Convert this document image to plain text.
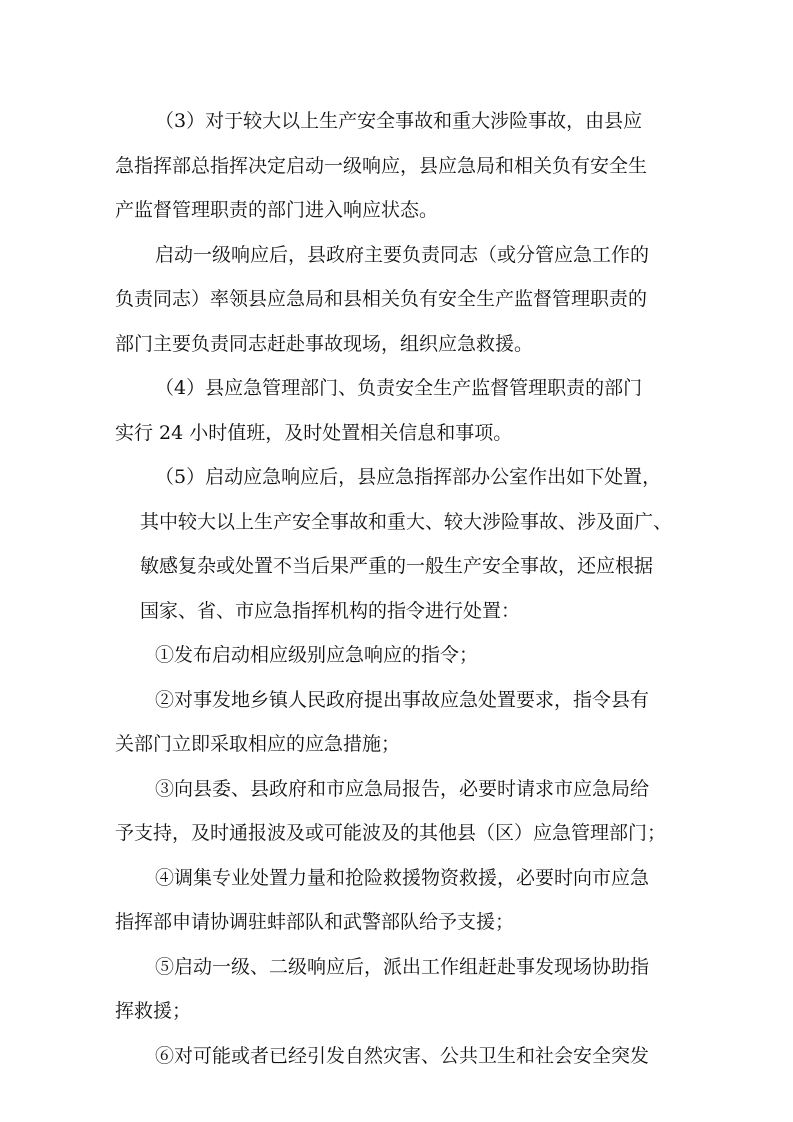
（3）对于较大以上生产安全事故和重大涉险事故，由县应

急指挥部总指挥决定启动一级响应，县应急局和相关负有安全生

产监督管理职责的部门进入响应状态。

启动一级响应后，县政府主要负责同志（或分管应急工作的

负责同志）率领县应急局和县相关负有安全生产监督管理职责的

部门主要负责同志赶赴事故现场，组织应急救援。

（4）县应急管理部门、负责安全生产监督管理职责的部门

实行 24 小时值班，及时处置相关信息和事项。

（5）启动应急响应后，县应急指挥部办公室作出如下处置，

其中较大以上生产安全事故和重大、较大涉险事故、涉及面广、

敏感复杂或处置不当后果严重的一般生产安全事故，还应根据

国家、省、市应急指挥机构的指令进行处置：

①发布启动相应级别应急响应的指令；

②对事发地乡镇人民政府提出事故应急处置要求，指令县有

关部门立即采取相应的应急措施；

③向县委、县政府和市应急局报告，必要时请求市应急局给

予支持，及时通报波及或可能波及的其他县（区）应急管理部门；

④调集专业处置力量和抢险救援物资救援，必要时向市应急

指挥部申请协调驻蚌部队和武警部队给予支援；

⑤启动一级、二级响应后，派出工作组赶赴事发现场协助指

挥救援；

⑥对可能或者已经引发自然灾害、公共卫生和社会安全突发
